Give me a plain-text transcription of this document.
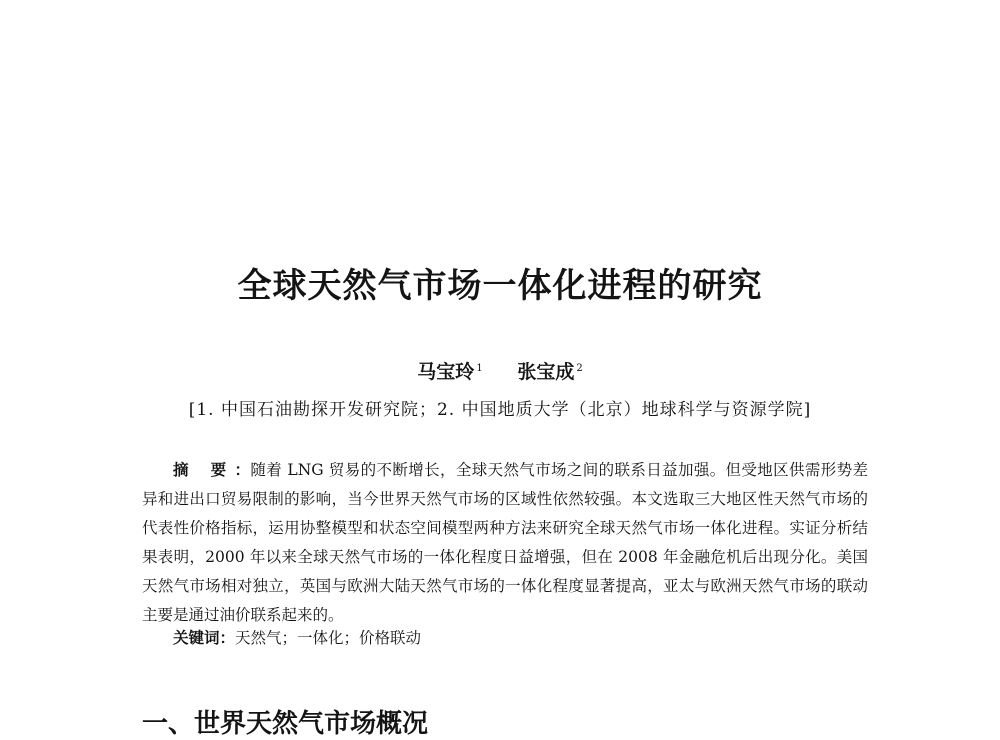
全球天然气市场一体化进程的研究
马宝玲 $^1$ 张宝成 $^2$
[1. 中国石油勘探开发研究院；2. 中国地质大学（北京）地球科学与资源学院]

摘 要：随着 LNG 贸易的不断增长，全球天然气市场之间的联系日益加强。但受地区供需形势差异和进出口贸易限制的影响，当今世界天然气市场的区域性依然较强。本文选取三大地区性天然气市场的代表性价格指标，运用协整模型和状态空间模型两种方法来研究全球天然气市场一体化进程。实证分析结果表明，2000 年以来全球天然气市场的一体化程度日益增强，但在 2008 年金融危机后出现分化。美国天然气市场相对独立，英国与欧洲大陆天然气市场的一体化程度显著提高，亚太与欧洲天然气市场的联动主要是通过油价联系起来的。

关键词：天然气；一体化；价格联动
一、世界天然气市场概况
